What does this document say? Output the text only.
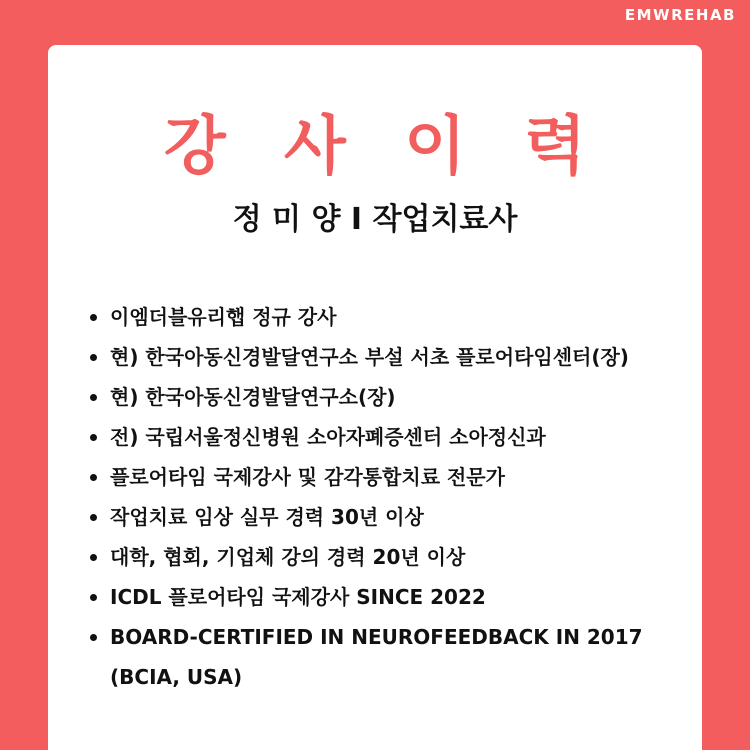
EMWREHAB
강 사 이 력
정 미 양 I 작업치료사
이엠더블유리햅 정규 강사
현) 한국아동신경발달연구소 부설 서초 플로어타임센터(장)
현) 한국아동신경발달연구소(장)
전) 국립서울정신병원 소아자폐증센터 소아정신과
플로어타임 국제강사 및 감각통합치료 전문가
작업치료 임상 실무 경력 30년 이상
대학, 협회, 기업체 강의 경력 20년 이상
ICDL 플로어타임 국제강사 SINCE 2022
BOARD-CERTIFIED IN NEUROFEEDBACK IN 2017
(BCIA, USA)
